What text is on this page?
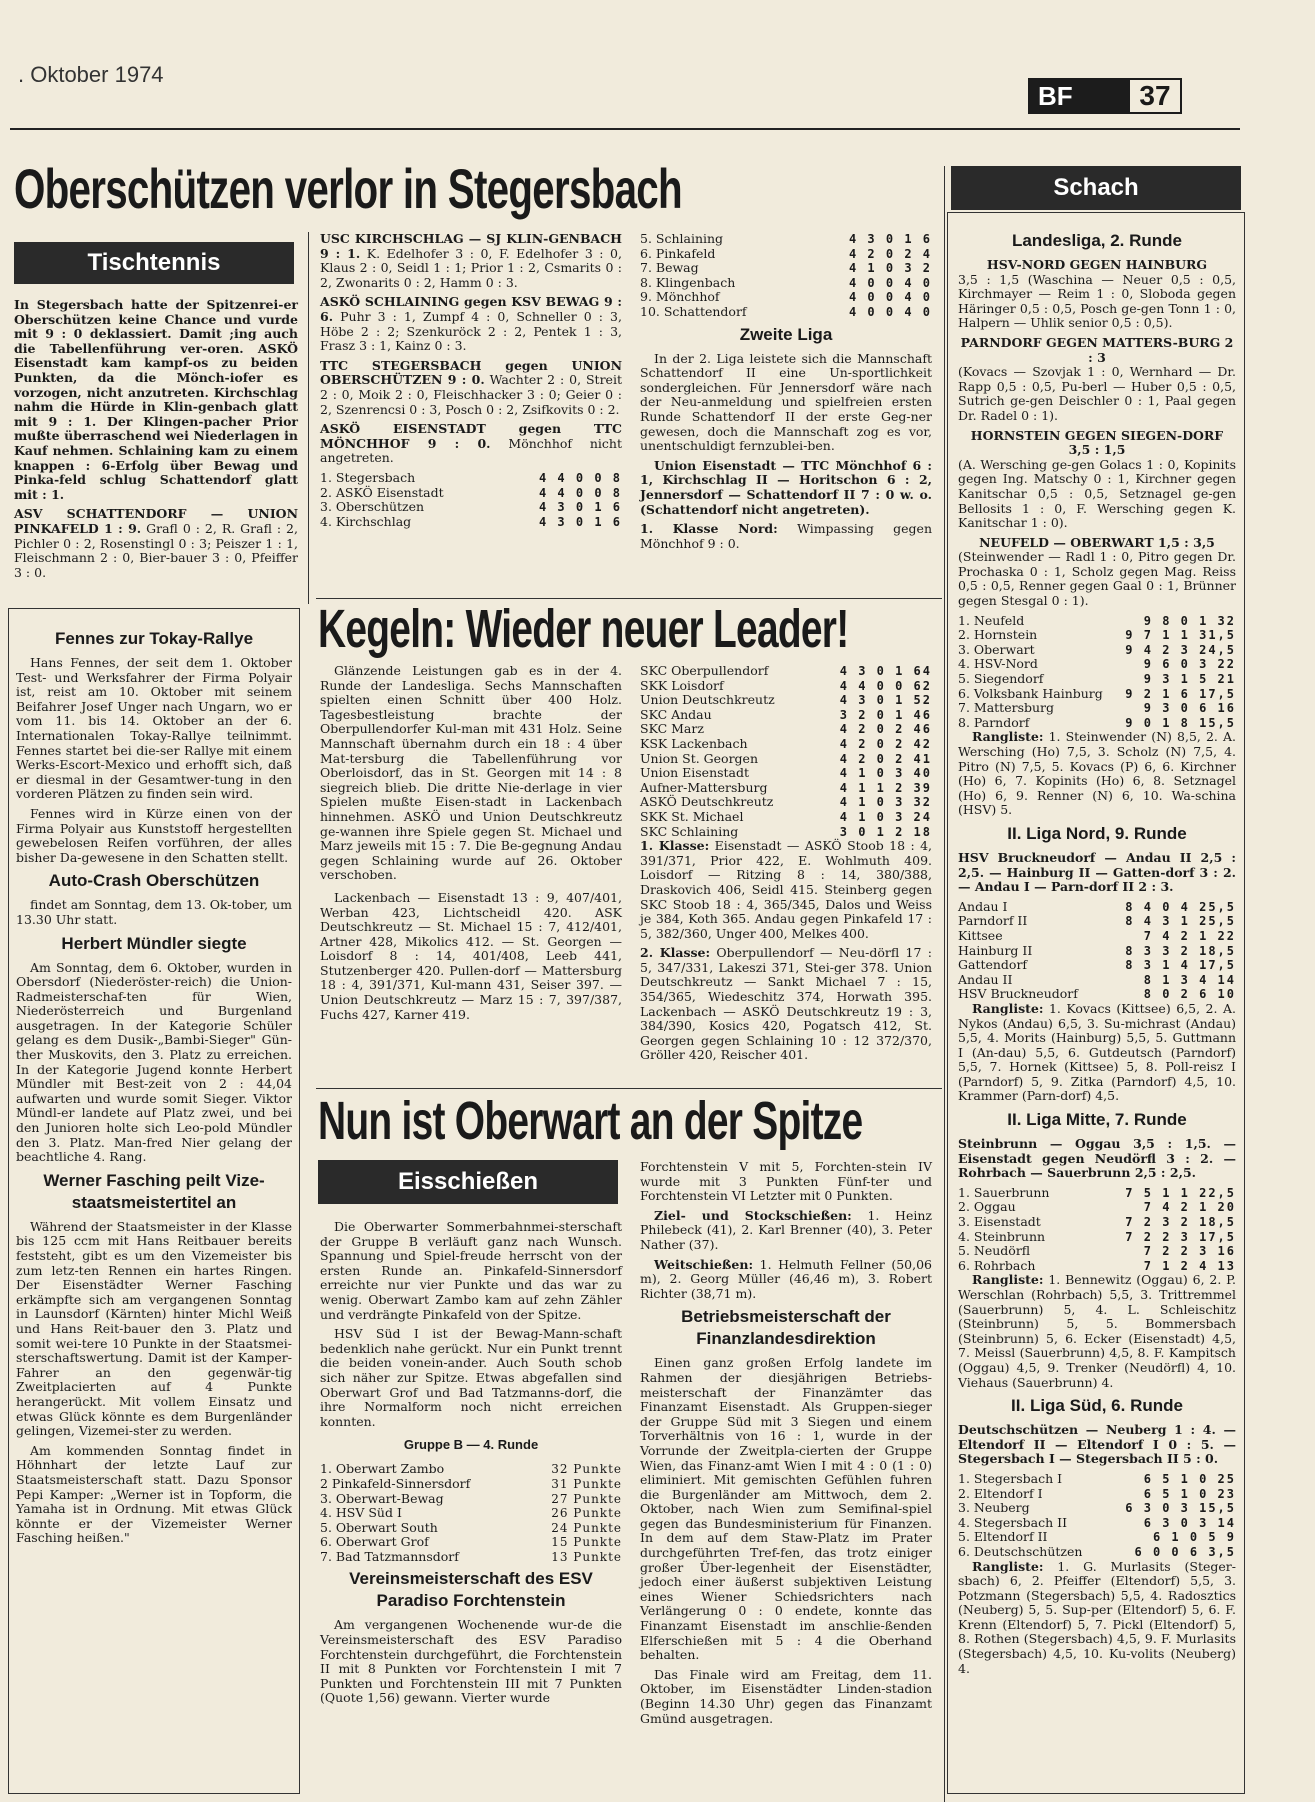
. Oktober 1974
BF	37
Oberschützen verlor in Stegersbach
Tischtennis

In Stegersbach hatte der Spitzenrei-er Oberschützen keine Chance und vurde mit 9 : 0 deklassiert. Damit ;ing auch die Tabellenführung ver-oren. ASKÖ Eisenstadt kam kampf-os zu beiden Punkten, da die Mönch-iofer es vorzogen, nicht anzutreten. Kirchschlag nahm die Hürde in Klin-genbach glatt mit 9 : 1. Der Klingen-pacher Prior mußte überraschend wei Niederlagen in Kauf nehmen. Schlaining kam zu einem knappen : 6-Erfolg über Bewag und Pinka-feld schlug Schattendorf glatt mit : 1.

ASV SCHATTENDORF — UNION PINKAFELD 1 : 9. Grafl 0 : 2, R. Grafl : 2, Pichler 0 : 2, Rosenstingl 0 : 3; Peiszer 1 : 1, Fleischmann 2 : 0, Bier-bauer 3 : 0, Pfeiffer 3 : 0.

USC KIRCHSCHLAG — SJ KLIN-GENBACH 9 : 1. K. Edelhofer 3 : 0, F. Edelhofer 3 : 0, Klaus 2 : 0, Seidl 1 : 1; Prior 1 : 2, Csmarits 0 : 2, Zwonarits 0 : 2, Hamm 0 : 3.

ASKÖ SCHLAINING gegen KSV BEWAG 9 : 6. Puhr 3 : 1, Zumpf 4 : 0, Schneller 0 : 3, Höbe 2 : 2; Szenkuröck 2 : 2, Pentek 1 : 3, Frasz 3 : 1, Kainz 0 : 3.

TTC STEGERSBACH gegen UNION OBERSCHÜTZEN 9 : 0. Wachter 2 : 0, Streit 2 : 0, Moik 2 : 0, Fleischhacker 3 : 0; Geier 0 : 2, Szenrencsi 0 : 3, Posch 0 : 2, Zsifkovits 0 : 2.

ASKÖ EISENSTADT gegen TTC MÖNCHHOF 9 : 0. Mönchhof nicht angetreten.

1. Stegersbach	4 4 0 0 8
2. ASKÖ Eisenstadt	4 4 0 0 8
3. Oberschützen	4 3 0 1 6
4. Kirchschlag	4 3 0 1 6
5. Schlaining	4 3 0 1 6
6. Pinkafeld	4 2 0 2 4
7. Bewag	4 1 0 3 2
8. Klingenbach	4 0 0 4 0
9. Mönchhof	4 0 0 4 0
10. Schattendorf	4 0 0 4 0
Zweite Liga

In der 2. Liga leistete sich die Mannschaft Schattendorf II eine Un-sportlichkeit sondergleichen. Für Jennersdorf wäre nach der Neu-anmeldung und spielfreien ersten Runde Schattendorf II der erste Geg-ner gewesen, doch die Mannschaft zog es vor, unentschuldigt fernzublei-ben.

Union Eisenstadt — TTC Mönchhof 6 : 1, Kirchschlag II — Horitschon 6 : 2, Jennersdorf — Schattendorf II 7 : 0 w. o. (Schattendorf nicht angetreten).

1. Klasse Nord: Wimpassing gegen Mönchhof 9 : 0.

Fennes zur Tokay-Rallye

Hans Fennes, der seit dem 1. Oktober Test- und Werksfahrer der Firma Polyair ist, reist am 10. Oktober mit seinem Beifahrer Josef Unger nach Ungarn, wo er vom 11. bis 14. Oktober an der 6. Internationalen Tokay-Rallye teilnimmt. Fennes startet bei die-ser Rallye mit einem Werks-Escort-Mexico und erhofft sich, daß er diesmal in der Gesamtwer-tung in den vorderen Plätzen zu finden sein wird.

Fennes wird in Kürze einen von der Firma Polyair aus Kunststoff hergestellten gewebelosen Reifen vorführen, der alles bisher Da-gewesene in den Schatten stellt.

Auto-Crash Oberschützen

findet am Sonntag, dem 13. Ok-tober, um 13.30 Uhr statt.

Herbert Mündler siegte

Am Sonntag, dem 6. Oktober, wurden in Obersdorf (Niederöster-reich) die Union-Radmeisterschaf-ten für Wien, Niederösterreich und Burgenland ausgetragen. In der Kategorie Schüler gelang es dem Dusik-„Bambi-Sieger" Gün-ther Muskovits, den 3. Platz zu erreichen. In der Kategorie Jugend konnte Herbert Mündler mit Best-zeit von 2 : 44,04 aufwarten und wurde somit Sieger. Viktor Mündl-er landete auf Platz zwei, und bei den Junioren holte sich Leo-pold Mündler den 3. Platz. Man-fred Nier gelang der beachtliche 4. Rang.

Werner Fasching peilt Vize-staatsmeistertitel an

Während der Staatsmeister in der Klasse bis 125 ccm mit Hans Reitbauer bereits feststeht, gibt es um den Vizemeister bis zum letz-ten Rennen ein hartes Ringen. Der Eisenstädter Werner Fasching erkämpfte sich am vergangenen Sonntag in Launsdorf (Kärnten) hinter Michl Weiß und Hans Reit-bauer den 3. Platz und somit wei-tere 10 Punkte in der Staatsmei-sterschaftswertung. Damit ist der Kamper-Fahrer an den gegenwär-tig Zweitplacierten auf 4 Punkte herangerückt. Mit vollem Einsatz und etwas Glück könnte es dem Burgenländer gelingen, Vizemei-ster zu werden.

Am kommenden Sonntag findet in Höhnhart der letzte Lauf zur Staatsmeisterschaft statt. Dazu Sponsor Pepi Kamper: „Werner ist in Topform, die Yamaha ist in Ordnung. Mit etwas Glück könnte er der Vizemeister Werner Fasching heißen."

Kegeln: Wieder neuer Leader!

Glänzende Leistungen gab es in der 4. Runde der Landesliga. Sechs Mannschaften spielten einen Schnitt über 400 Holz. Tagesbestleistung brachte der Oberpullendorfer Kul-man mit 431 Holz. Seine Mannschaft übernahm durch ein 18 : 4 über Mat-tersburg die Tabellenführung vor Oberloisdorf, das in St. Georgen mit 14 : 8 siegreich blieb. Die dritte Nie-derlage in vier Spielen mußte Eisen-stadt in Lackenbach hinnehmen. ASKÖ und Union Deutschkreutz ge-wannen ihre Spiele gegen St. Michael und Marz jeweils mit 15 : 7. Die Be-gegnung Andau gegen Schlaining wurde auf 26. Oktober verschoben.

Lackenbach — Eisenstadt 13 : 9, 407/401, Werban 423, Lichtscheidl 420. ASK Deutschkreutz — St. Michael 15 : 7, 412/401, Artner 428, Mikolics 412. — St. Georgen — Loisdorf 8 : 14, 401/408, Leeb 441, Stutzenberger 420. Pullen-dorf — Mattersburg 18 : 4, 391/371, Kul-mann 431, Seiser 397. — Union Deutschkreutz — Marz 15 : 7, 397/387, Fuchs 427, Karner 419.

SKC Oberpullendorf	4 3 0 1 64
SKK Loisdorf	4 4 0 0 62
Union Deutschkreutz	4 3 0 1 52
SKC Andau	3 2 0 1 46
SKC Marz	4 2 0 2 46
KSK Lackenbach	4 2 0 2 42
Union St. Georgen	4 2 0 2 41
Union Eisenstadt	4 1 0 3 40
Aufner-Mattersburg	4 1 1 2 39
ASKÖ Deutschkreutz	4 1 0 3 32
SKK St. Michael	4 1 0 3 24
SKC Schlaining	3 0 1 2 18

1. Klasse: Eisenstadt — ASKÖ Stoob 18 : 4, 391/371, Prior 422, E. Wohlmuth 409. Loisdorf — Ritzing 8 : 14, 380/388, Draskovich 406, Seidl 415. Steinberg gegen SKC Stoob 18 : 4, 365/345, Dalos und Weiss je 384, Koth 365. Andau gegen Pinkafeld 17 : 5, 382/360, Unger 400, Melkes 400.

2. Klasse: Oberpullendorf — Neu-dörfl 17 : 5, 347/331, Lakeszi 371, Stei-ger 378. Union Deutschkreutz — Sankt Michael 7 : 15, 354/365, Wiedeschitz 374, Horwath 395. Lackenbach — ASKÖ Deutschkreutz 19 : 3, 384/390, Kosics 420, Pogatsch 412, St. Georgen gegen Schlaining 10 : 12 372/370, Gröller 420, Reischer 401.

Nun ist Oberwart an der Spitze
Eisschießen

Die Oberwarter Sommerbahnmei-sterschaft der Gruppe B verläuft ganz nach Wunsch. Spannung und Spiel-freude herrscht von der ersten Runde an. Pinkafeld-Sinnersdorf erreichte nur vier Punkte und das war zu wenig. Oberwart Zambo kam auf zehn Zähler und verdrängte Pinkafeld von der Spitze.

HSV Süd I ist der Bewag-Mann-schaft bedenklich nahe gerückt. Nur ein Punkt trennt die beiden vonein-ander. Auch South schob sich näher zur Spitze. Etwas abgefallen sind Oberwart Grof und Bad Tatzmanns-dorf, die ihre Normalform noch nicht erreichen konnten.

Gruppe B — 4. Runde
1. Oberwart Zambo	32 Punkte
2 Pinkafeld-Sinnersdorf	31 Punkte
3. Oberwart-Bewag	27 Punkte
4. HSV Süd I	26 Punkte
5. Oberwart South	24 Punkte
6. Oberwart Grof	15 Punkte
7. Bad Tatzmannsdorf	13 Punkte
Vereinsmeisterschaft des ESV Paradiso Forchtenstein

Am vergangenen Wochenende wur-de die Vereinsmeisterschaft des ESV Paradiso Forchtenstein durchgeführt, die Forchtenstein II mit 8 Punkten vor Forchtenstein I mit 7 Punkten und Forchtenstein III mit 7 Punkten (Quote 1,56) gewann. Vierter wurde

Forchtenstein V mit 5, Forchten-stein IV wurde mit 3 Punkten Fünf-ter und Forchtenstein VI Letzter mit 0 Punkten.

Ziel- und Stockschießen: 1. Heinz Philebeck (41), 2. Karl Brenner (40), 3. Peter Nather (37).

Weitschießen: 1. Helmuth Fellner (50,06 m), 2. Georg Müller (46,46 m), 3. Robert Richter (38,71 m).

Betriebsmeisterschaft der Finanzlandesdirektion

Einen ganz großen Erfolg landete im Rahmen der diesjährigen Betriebs-meisterschaft der Finanzämter das Finanzamt Eisenstadt. Als Gruppen-sieger der Gruppe Süd mit 3 Siegen und einem Torverhältnis von 16 : 1, wurde in der Vorrunde der Zweitpla-cierten der Gruppe Wien, das Finanz-amt Wien I mit 4 : 0 (1 : 0) eliminiert. Mit gemischten Gefühlen fuhren die Burgenländer am Mittwoch, dem 2. Oktober, nach Wien zum Semifinal-spiel gegen das Bundesministerium für Finanzen. In dem auf dem Staw-Platz im Prater durchgeführten Tref-fen, das trotz einiger großer Über-legenheit der Eisenstädter, jedoch einer äußerst subjektiven Leistung eines Wiener Schiedsrichters nach Verlängerung 0 : 0 endete, konnte das Finanzamt Eisenstadt im anschlie-ßenden Elferschießen mit 5 : 4 die Oberhand behalten.

Das Finale wird am Freitag, dem 11. Oktober, im Eisenstädter Linden-stadion (Beginn 14.30 Uhr) gegen das Finanzamt Gmünd ausgetragen.

Schach
Landesliga, 2. Runde
HSV-NORD GEGEN HAINBURG

3,5 : 1,5 (Waschina — Neuer 0,5 : 0,5, Kirchmayer — Reim 1 : 0, Sloboda gegen Häringer 0,5 : 0,5, Posch ge-gen Tonn 1 : 0, Halpern — Uhlik senior 0,5 : 0,5).

PARNDORF GEGEN MATTERS-BURG 2 : 3

(Kovacs — Szovjak 1 : 0, Wernhard — Dr. Rapp 0,5 : 0,5, Pu-berl — Huber 0,5 : 0,5, Sutrich ge-gen Deischler 0 : 1, Paal gegen Dr. Radel 0 : 1).

HORNSTEIN GEGEN SIEGEN-DORF 3,5 : 1,5

(A. Wersching ge-gen Golacs 1 : 0, Kopinits gegen Ing. Matschy 0 : 1, Kirchner gegen Kanitschar 0,5 : 0,5, Setznagel ge-gen Bellosits 1 : 0, F. Wersching gegen K. Kanitschar 1 : 0).

NEUFELD — OBERWART 1,5 : 3,5

(Steinwender — Radl 1 : 0, Pitro gegen Dr. Prochaska 0 : 1, Scholz gegen Mag. Reiss 0,5 : 0,5, Renner gegen Gaal 0 : 1, Brünner gegen Stesgal 0 : 1).

1. Neufeld	9 8 0 1 32
2. Hornstein	9 7 1 1 31,5
3. Oberwart	9 4 2 3 24,5
4. HSV-Nord	9 6 0 3 22
5. Siegendorf	9 3 1 5 21
6. Volksbank Hainburg	9 2 1 6 17,5
7. Mattersburg	9 3 0 6 16
8. Parndorf	9 0 1 8 15,5

Rangliste: 1. Steinwender (N) 8,5, 2. A. Wersching (Ho) 7,5, 3. Scholz (N) 7,5, 4. Pitro (N) 7,5, 5. Kovacs (P) 6, 6. Kirchner (Ho) 6, 7. Kopinits (Ho) 6, 8. Setznagel (Ho) 6, 9. Renner (N) 6, 10. Wa-schina (HSV) 5.

II. Liga Nord, 9. Runde

HSV Bruckneudorf — Andau II 2,5 : 2,5. — Hainburg II — Gatten-dorf 3 : 2. — Andau I — Parn-dorf II 2 : 3.

Andau I	8 4 0 4 25,5
Parndorf II	8 4 3 1 25,5
Kittsee	7 4 2 1 22
Hainburg II	8 3 3 2 18,5
Gattendorf	8 3 1 4 17,5
Andau II	8 1 3 4 14
HSV Bruckneudorf	8 0 2 6 10

Rangliste: 1. Kovacs (Kittsee) 6,5, 2. A. Nykos (Andau) 6,5, 3. Su-michrast (Andau) 5,5, 4. Morits (Hainburg) 5,5, 5. Guttmann I (An-dau) 5,5, 6. Gutdeutsch (Parndorf) 5,5, 7. Hornek (Kittsee) 5, 8. Poll-reisz I (Parndorf) 5, 9. Zitka (Parndorf) 4,5, 10. Krammer (Parn-dorf) 4,5.

II. Liga Mitte, 7. Runde

Steinbrunn — Oggau 3,5 : 1,5. — Eisenstadt gegen Neudörfl 3 : 2. — Rohrbach — Sauerbrunn 2,5 : 2,5.

1. Sauerbrunn	7 5 1 1 22,5
2. Oggau	7 4 2 1 20
3. Eisenstadt	7 2 3 2 18,5
4. Steinbrunn	7 2 2 3 17,5
5. Neudörfl	7 2 2 3 16
6. Rohrbach	7 1 2 4 13

Rangliste: 1. Bennewitz (Oggau) 6, 2. P. Werschlan (Rohrbach) 5,5, 3. Trittremmel (Sauerbrunn) 5, 4. L. Schleischitz (Steinbrunn) 5, 5. Bommersbach (Steinbrunn) 5, 6. Ecker (Eisenstadt) 4,5, 7. Meissl (Sauerbrunn) 4,5, 8. F. Kampitsch (Oggau) 4,5, 9. Trenker (Neudörfl) 4, 10. Viehaus (Sauerbrunn) 4.

II. Liga Süd, 6. Runde

Deutschschützen — Neuberg 1 : 4. — Eltendorf II — Eltendorf I 0 : 5. — Stegersbach I — Stegersbach II 5 : 0.

1. Stegersbach I	6 5 1 0 25
2. Eltendorf I	6 5 1 0 23
3. Neuberg	6 3 0 3 15,5
4. Stegersbach II	6 3 0 3 14
5. Eltendorf II	6 1 0 5 9
6. Deutschschützen	6 0 0 6 3,5

Rangliste: 1. G. Murlasits (Steger-sbach) 6, 2. Pfeiffer (Eltendorf) 5,5, 3. Potzmann (Stegersbach) 5,5, 4. Radosztics (Neuberg) 5, 5. Sup-per (Eltendorf) 5, 6. F. Krenn (Eltendorf) 5, 7. Pickl (Eltendorf) 5, 8. Rothen (Stegersbach) 4,5, 9. F. Murlasits (Stegersbach) 4,5, 10. Ku-volits (Neuberg) 4.
